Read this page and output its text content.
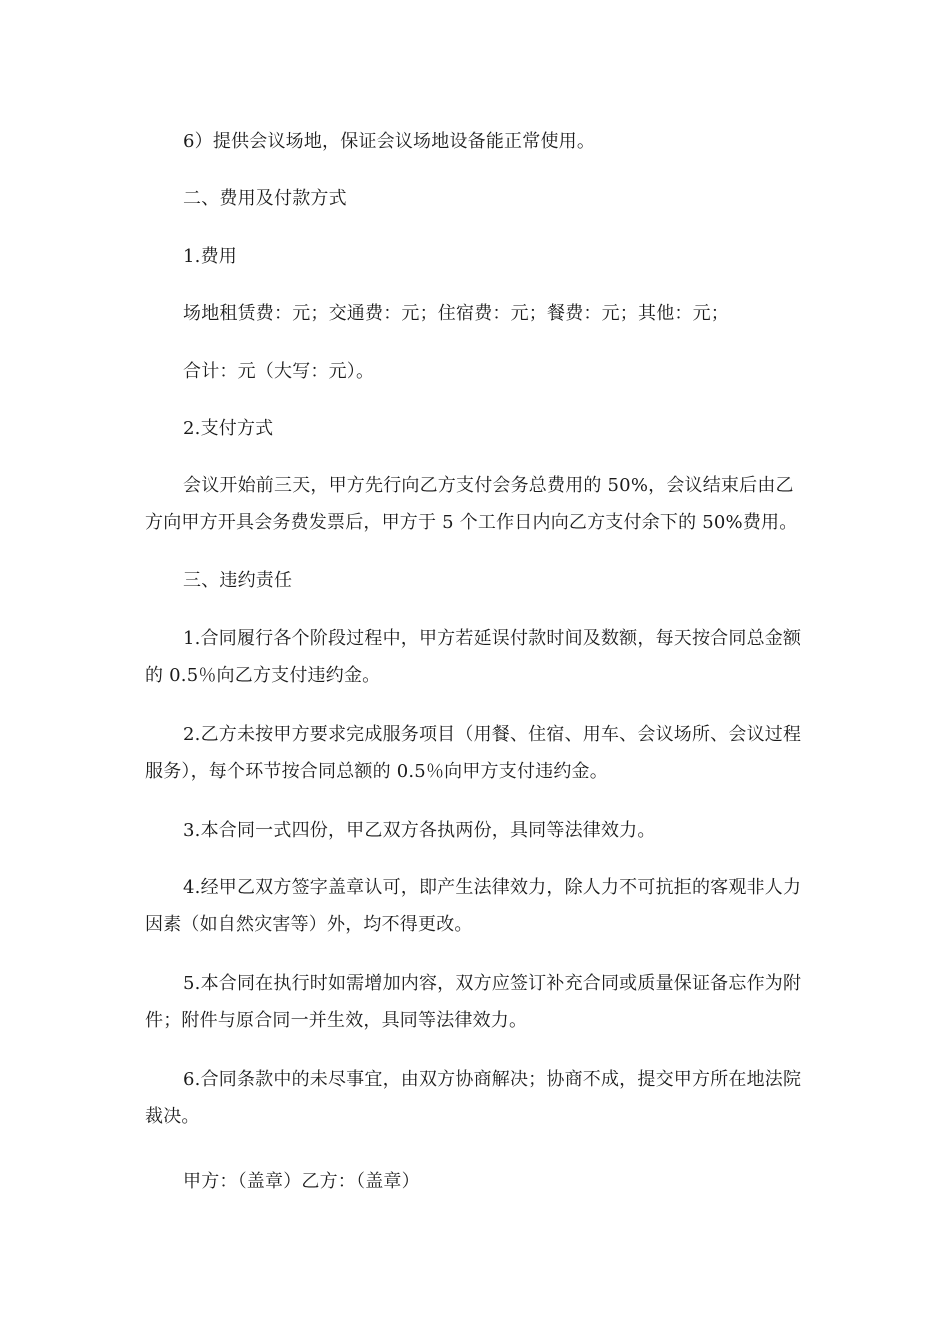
6）提供会议场地，保证会议场地设备能正常使用。

二、费用及付款方式

1.费用

场地租赁费：元；交通费：元；住宿费：元；餐费：元；其他：元；

合计：元（大写：元）。

2.支付方式

会议开始前三天，甲方先行向乙方支付会务总费用的 50%，会议结束后由乙方向甲方开具会务费发票后，甲方于 5 个工作日内向乙方支付余下的 50%费用。

三、违约责任

1.合同履行各个阶段过程中，甲方若延误付款时间及数额，每天按合同总金额的 0.5％向乙方支付违约金。

2.乙方未按甲方要求完成服务项目（用餐、住宿、用车、会议场所、会议过程服务），每个环节按合同总额的 0.5％向甲方支付违约金。

3.本合同一式四份，甲乙双方各执两份，具同等法律效力。

4.经甲乙双方签字盖章认可，即产生法律效力，除人力不可抗拒的客观非人力因素（如自然灾害等）外，均不得更改。

5.本合同在执行时如需增加内容，双方应签订补充合同或质量保证备忘作为附件；附件与原合同一并生效，具同等法律效力。

6.合同条款中的未尽事宜，由双方协商解决；协商不成，提交甲方所在地法院裁决。

甲方：（盖章）乙方：（盖章）
